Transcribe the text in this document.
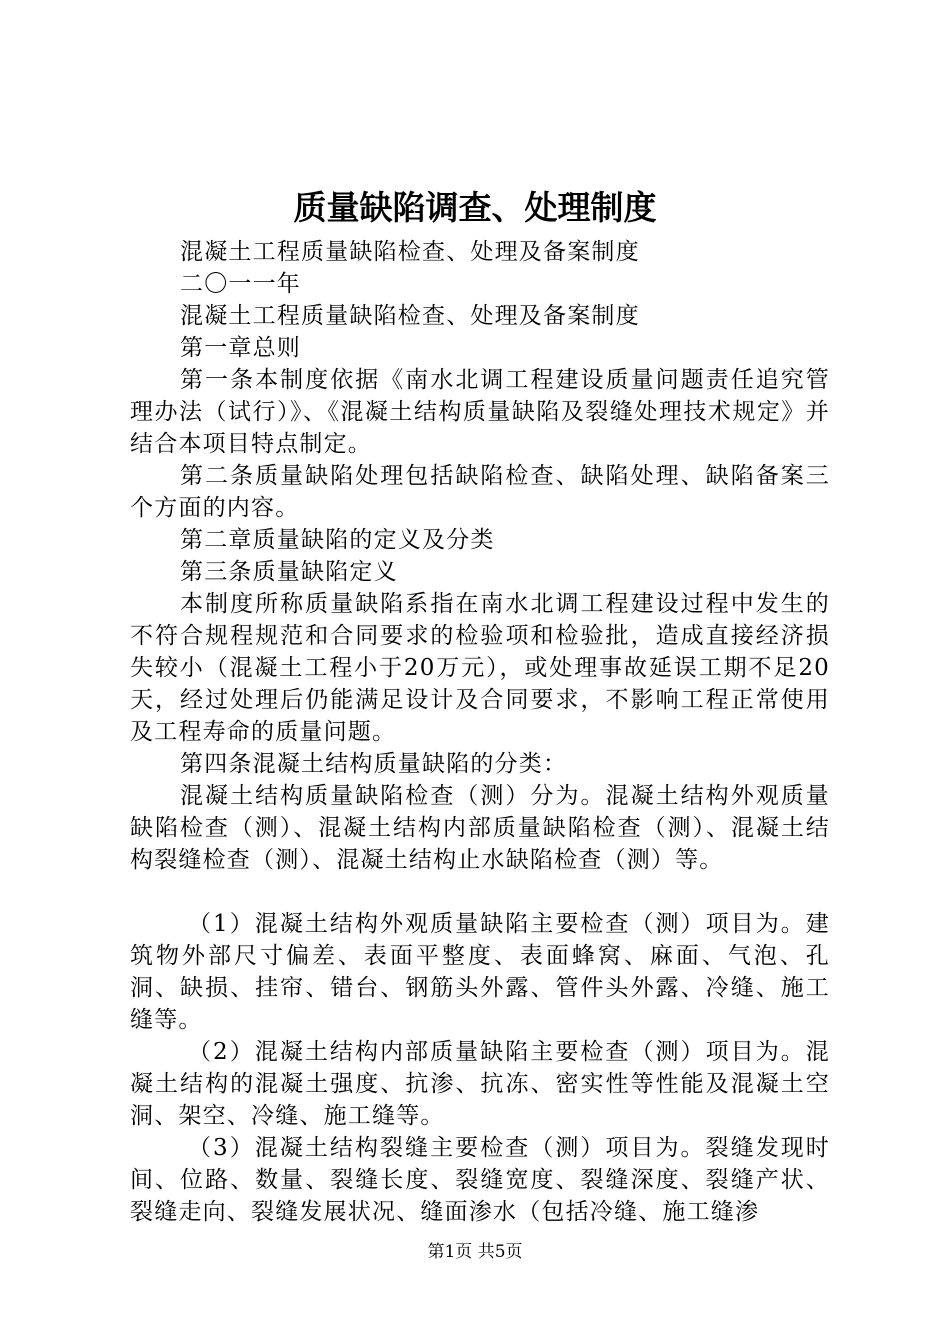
质量缺陷调查、处理制度

混凝土工程质量缺陷检查、处理及备案制度

二〇一一年

混凝土工程质量缺陷检查、处理及备案制度

第一章总则

第一条本制度依据《南水北调工程建设质量问题责任追究管理办法（试行）》、《混凝土结构质量缺陷及裂缝处理技术规定》并结合本项目特点制定。

第二条质量缺陷处理包括缺陷检查、缺陷处理、缺陷备案三个方面的内容。

第二章质量缺陷的定义及分类

第三条质量缺陷定义

本制度所称质量缺陷系指在南水北调工程建设过程中发生的不符合规程规范和合同要求的检验项和检验批，造成直接经济损失较小（混凝土工程小于20万元），或处理事故延误工期不足20天，经过处理后仍能满足设计及合同要求，不影响工程正常使用及工程寿命的质量问题。

第四条混凝土结构质量缺陷的分类：

混凝土结构质量缺陷检查（测）分为。混凝土结构外观质量缺陷检查（测）、混凝土结构内部质量缺陷检查（测）、混凝土结构裂缝检查（测）、混凝土结构止水缺陷检查（测）等。

（1）混凝土结构外观质量缺陷主要检查（测）项目为。建筑物外部尺寸偏差、表面平整度、表面蜂窝、麻面、气泡、孔洞、缺损、挂帘、错台、钢筋头外露、管件头外露、冷缝、施工缝等。

（2）混凝土结构内部质量缺陷主要检查（测）项目为。混凝土结构的混凝土强度、抗渗、抗冻、密实性等性能及混凝土空洞、架空、冷缝、施工缝等。

（3）混凝土结构裂缝主要检查（测）项目为。裂缝发现时间、位路、数量、裂缝长度、裂缝宽度、裂缝深度、裂缝产状、裂缝走向、裂缝发展状况、缝面渗水（包括冷缝、施工缝渗

第1页 共5页
